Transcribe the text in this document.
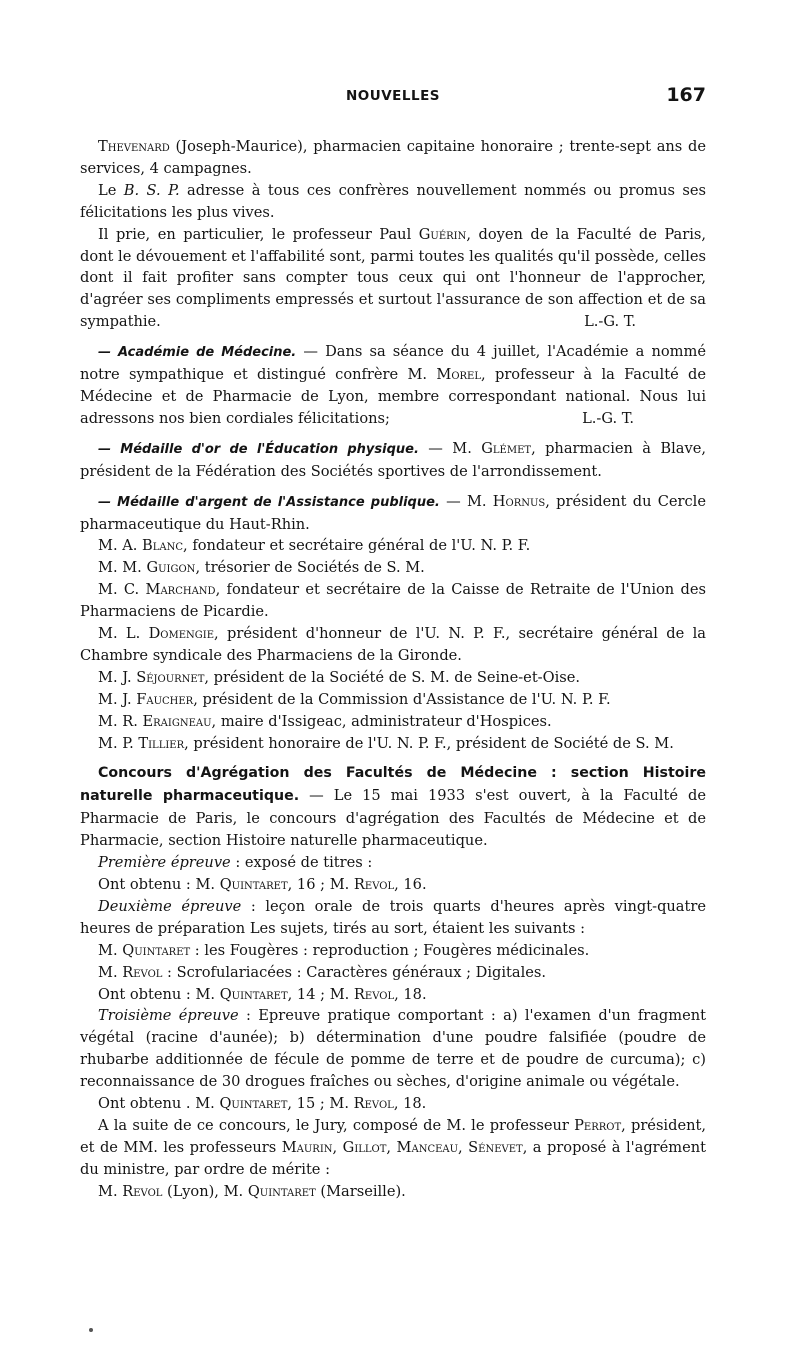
NOUVELLES	167

Thevenard (Joseph-Maurice), pharmacien capitaine honoraire ; trente-sept ans de services, 4 campagnes.

Le B. S. P. adresse à tous ces confrères nouvellement nommés ou promus ses félicitations les plus vives.

Il prie, en particulier, le professeur Paul Guérin, doyen de la Faculté de Paris, dont le dévouement et l'affabilité sont, parmi toutes les qualités qu'il possède, celles dont il fait profiter sans compter tous ceux qui ont l'honneur de l'approcher, d'agréer ses compliments empressés et surtout l'assurance de son affection et de sa sympathie.	L.-G. T.

— Académie de Médecine. — Dans sa séance du 4 juillet, l'Académie a nommé notre sympathique et distingué confrère M. Morel, professeur à la Faculté de Médecine et de Pharmacie de Lyon, membre correspondant national. Nous lui adressons nos bien cordiales félicitations;	L.-G. T.

— Médaille d'or de l'Éducation physique. — M. Glémet, pharmacien à Blave, président de la Fédération des Sociétés sportives de l'arrondissement.

— Médaille d'argent de l'Assistance publique. — M. Hornus, président du Cercle pharmaceutique du Haut-Rhin.

M. A. Blanc, fondateur et secrétaire général de l'U. N. P. F.

M. M. Guigon, trésorier de Sociétés de S. M.

M. C. Marchand, fondateur et secrétaire de la Caisse de Retraite de l'Union des Pharmaciens de Picardie.

M. L. Domengie, président d'honneur de l'U. N. P. F., secrétaire général de la Chambre syndicale des Pharmaciens de la Gironde.

M. J. Séjournet, président de la Société de S. M. de Seine-et-Oise.

M. J. Faucher, président de la Commission d'Assistance de l'U. N. P. F.

M. R. Eraigneau, maire d'Issigeac, administrateur d'Hospices.

M. P. Tillier, président honoraire de l'U. N. P. F., président de Société de S. M.

Concours d'Agrégation des Facultés de Médecine : section Histoire naturelle pharmaceutique. — Le 15 mai 1933 s'est ouvert, à la Faculté de Pharmacie de Paris, le concours d'agrégation des Facultés de Médecine et de Pharmacie, section Histoire naturelle pharmaceutique.

Première épreuve : exposé de titres :

Ont obtenu : M. Quintaret, 16 ; M. Revol, 16.

Deuxième épreuve : leçon orale de trois quarts d'heures après vingt-quatre heures de préparation Les sujets, tirés au sort, étaient les suivants :

M. Quintaret : les Fougères : reproduction ; Fougères médicinales.

M. Revol : Scrofulariacées : Caractères généraux ; Digitales.

Ont obtenu : M. Quintaret, 14 ; M. Revol, 18.

Troisième épreuve : Epreuve pratique comportant : a) l'examen d'un fragment végétal (racine d'aunée); b) détermination d'une poudre falsifiée (poudre de rhubarbe additionnée de fécule de pomme de terre et de poudre de curcuma); c) reconnaissance de 30 drogues fraîches ou sèches, d'origine animale ou végétale.

Ont obtenu . M. Quintaret, 15 ; M. Revol, 18.

A la suite de ce concours, le Jury, composé de M. le professeur Perrot, président, et de MM. les professeurs Maurin, Gillot, Manceau, Sénevet, a proposé à l'agrément du ministre, par ordre de mérite :

M. Revol (Lyon), M. Quintaret (Marseille).
